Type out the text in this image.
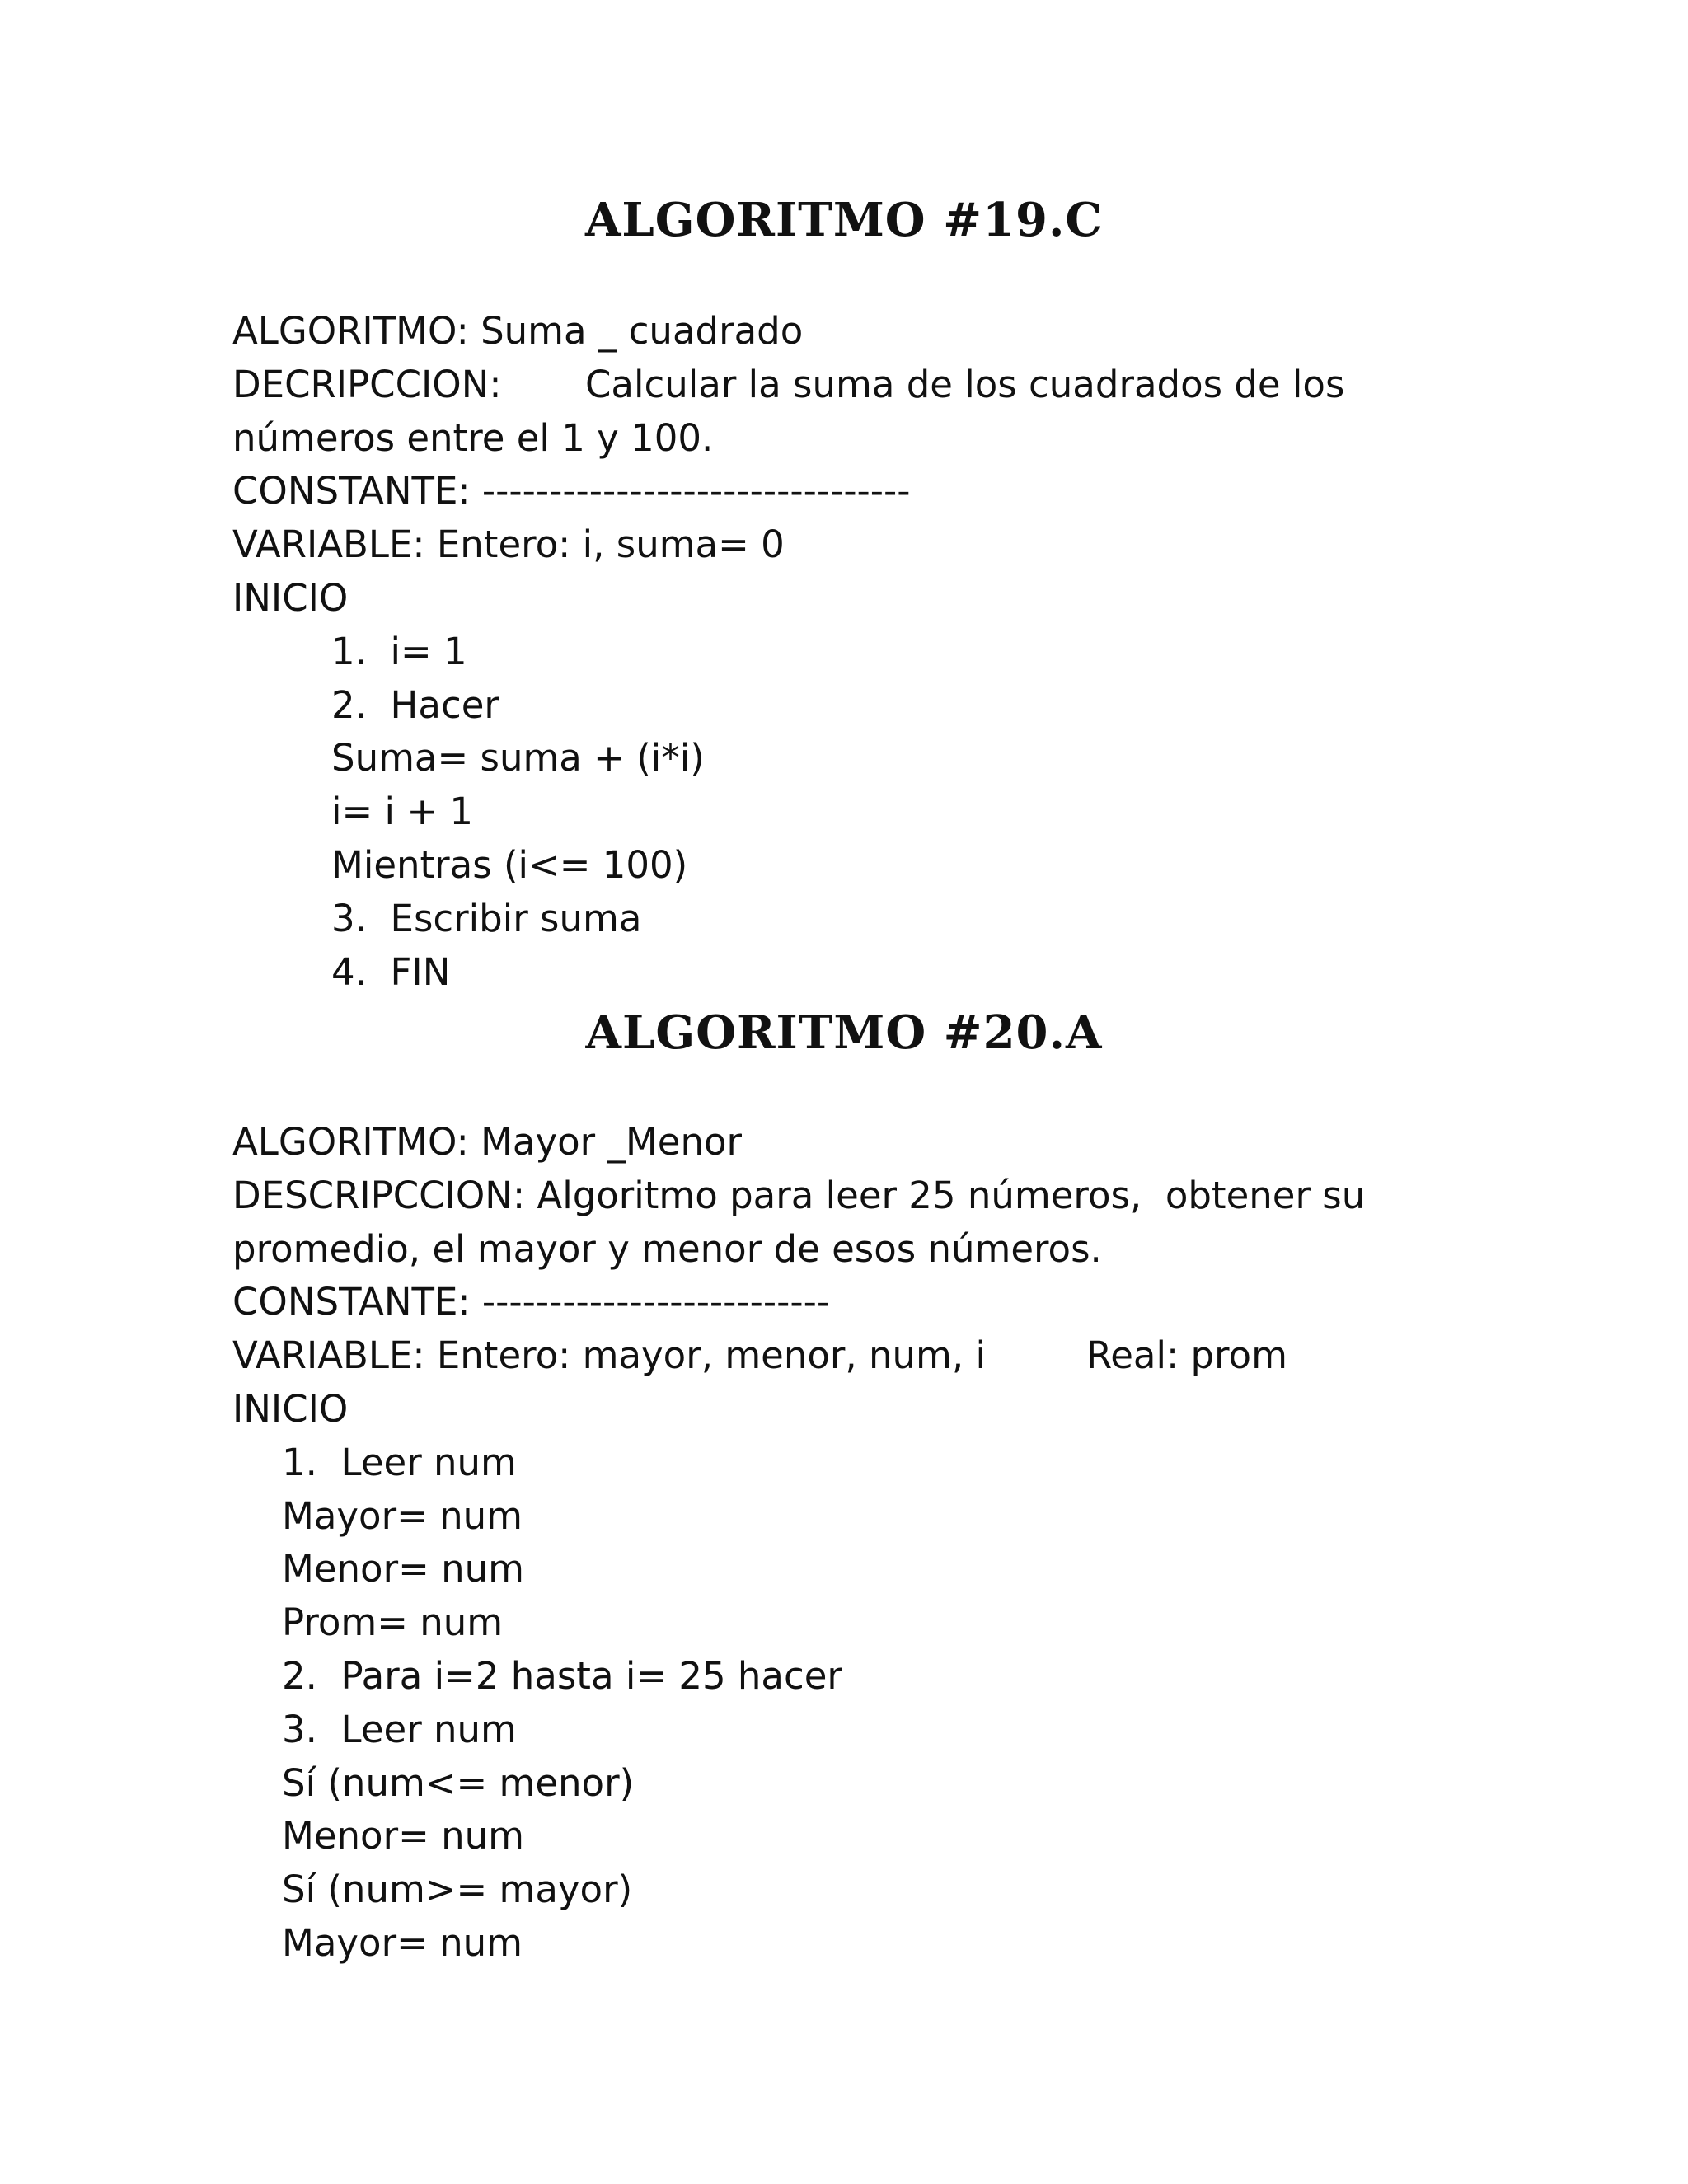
ALGORITMO #19.C

ALGORITMO: Suma _ cuadrado

DECRIPCCION: Calcular la suma de los cuadrados de los

números entre el 1 y 100.

CONSTANTE: --------------------------------

VARIABLE: Entero: i, suma= 0

INICIO

1.  i= 1

2.  Hacer

Suma= suma + (i*i)

i= i + 1

Mientras (i<= 100)

3.  Escribir suma

4.  FIN

ALGORITMO #20.A

ALGORITMO: Mayor _Menor

DESCRIPCCION: Algoritmo para leer 25 números,  obtener su

promedio, el mayor y menor de esos números.

CONSTANTE: --------------------------

VARIABLE: Entero: mayor, menor, num, i	Real: prom

INICIO

1.  Leer num

Mayor= num

Menor= num

Prom= num

2.  Para i=2 hasta i= 25 hacer

3.  Leer num

Sí (num<= menor)

Menor= num

Sí (num>= mayor)

Mayor= num
